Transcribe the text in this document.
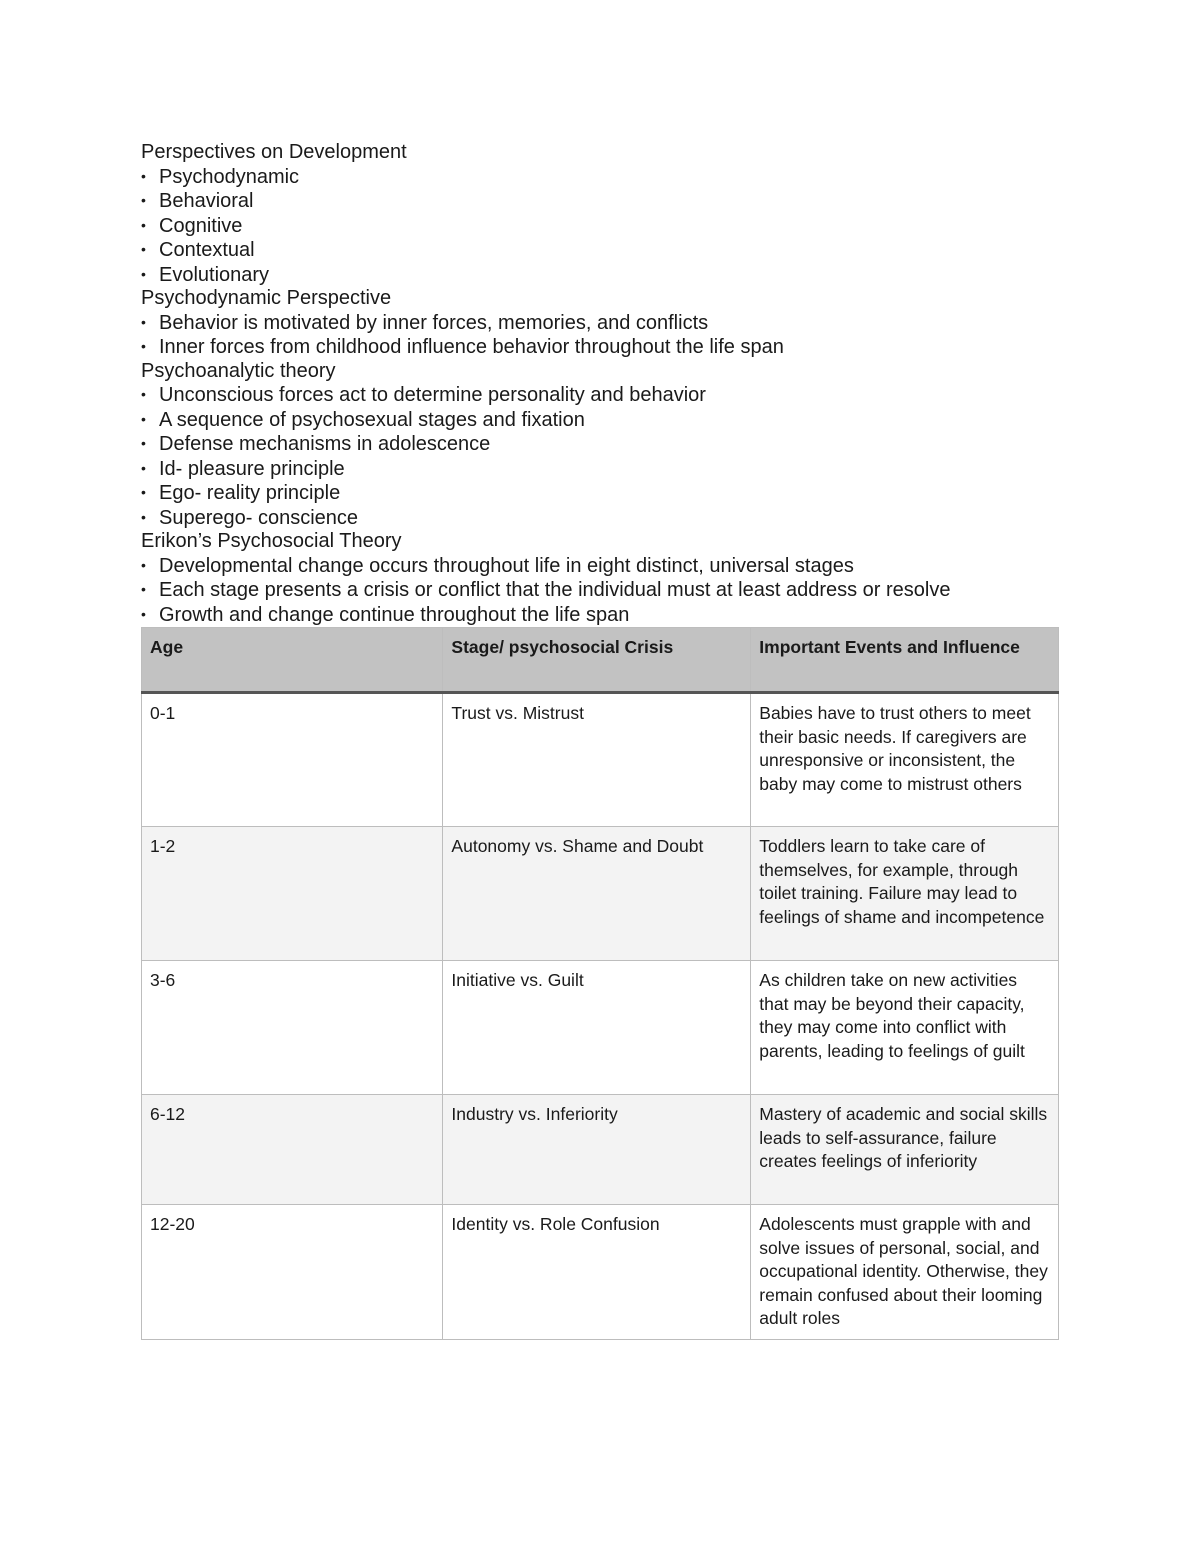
Perspectives on Development
• Psychodynamic
• Behavioral
• Cognitive
• Contextual
• Evolutionary
Psychodynamic Perspective
• Behavior is motivated by inner forces, memories, and conflicts
• Inner forces from childhood influence behavior throughout the life span
Psychoanalytic theory
• Unconscious forces act to determine personality and behavior
• A sequence of psychosexual stages and fixation
• Defense mechanisms in adolescence
• Id- pleasure principle
• Ego- reality principle
• Superego- conscience
Erikon’s Psychosocial Theory
• Developmental change occurs throughout life in eight distinct, universal stages
• Each stage presents a crisis or conflict that the individual must at least address or resolve
• Growth and change continue throughout the life span
Age	Stage/ psychosocial Crisis	Important Events and Influence
0-1	Trust vs. Mistrust	Babies have to trust others to meet their basic needs. If caregivers are unresponsive or inconsistent, the baby may come to mistrust others
1-2	Autonomy vs. Shame and Doubt	Toddlers learn to take care of themselves, for example, through toilet training. Failure may lead to feelings of shame and incompetence
3-6	Initiative vs. Guilt	As children take on new activities that may be beyond their capacity, they may come into conflict with parents, leading to feelings of guilt
6-12	Industry vs. Inferiority	Mastery of academic and social skills leads to self-assurance, failure creates feelings of inferiority
12-20	Identity vs. Role Confusion	Adolescents must grapple with and solve issues of personal, social, and occupational identity. Otherwise, they remain confused about their looming adult roles
